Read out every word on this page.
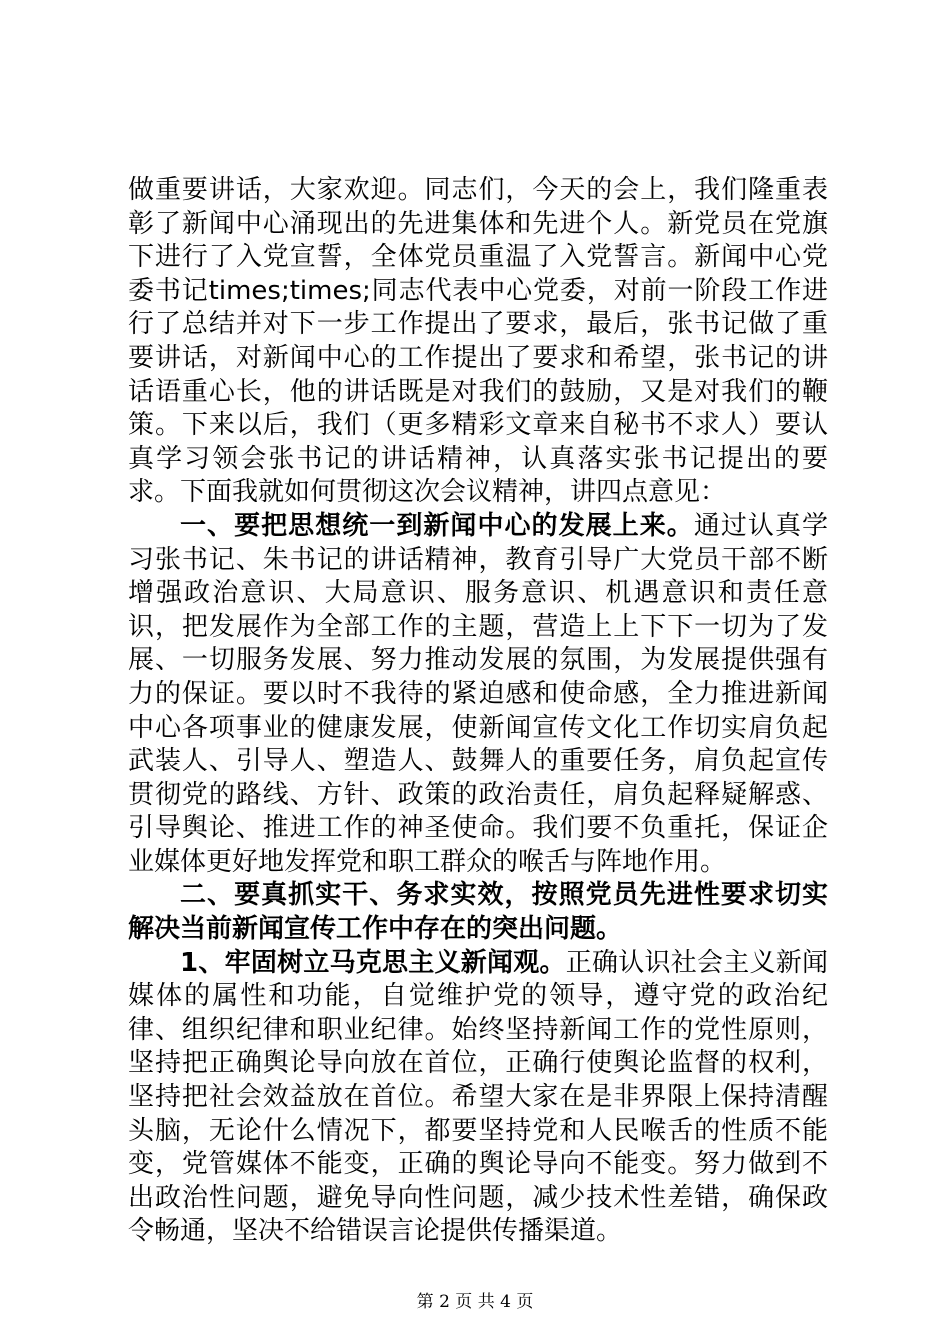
做重要讲话，大家欢迎。同志们，今天的会上，我们隆重表彰了新闻中心涌现出的先进集体和先进个人。新党员在党旗下进行了入党宣誓，全体党员重温了入党誓言。新闻中心党委书记times;times;同志代表中心党委，对前一阶段工作进行了总结并对下一步工作提出了要求，最后，张书记做了重要讲话，对新闻中心的工作提出了要求和希望，张书记的讲话语重心长，他的讲话既是对我们的鼓励，又是对我们的鞭策。下来以后，我们（更多精彩文章来自秘书不求人）要认真学习领会张书记的讲话精神，认真落实张书记提出的要求。下面我就如何贯彻这次会议精神，讲四点意见：

一、要把思想统一到新闻中心的发展上来。通过认真学习张书记、朱书记的讲话精神，教育引导广大党员干部不断增强政治意识、大局意识、服务意识、机遇意识和责任意识，把发展作为全部工作的主题，营造上上下下一切为了发展、一切服务发展、努力推动发展的氛围，为发展提供强有力的保证。要以时不我待的紧迫感和使命感，全力推进新闻中心各项事业的健康发展，使新闻宣传文化工作切实肩负起武装人、引导人、塑造人、鼓舞人的重要任务，肩负起宣传贯彻党的路线、方针、政策的政治责任，肩负起释疑解惑、引导舆论、推进工作的神圣使命。我们要不负重托，保证企业媒体更好地发挥党和职工群众的喉舌与阵地作用。

二、要真抓实干、务求实效，按照党员先进性要求切实解决当前新闻宣传工作中存在的突出问题。

1、牢固树立马克思主义新闻观。正确认识社会主义新闻媒体的属性和功能，自觉维护党的领导，遵守党的政治纪律、组织纪律和职业纪律。始终坚持新闻工作的党性原则，坚持把正确舆论导向放在首位，正确行使舆论监督的权利，坚持把社会效益放在首位。希望大家在是非界限上保持清醒头脑，无论什么情况下，都要坚持党和人民喉舌的性质不能变，党管媒体不能变，正确的舆论导向不能变。努力做到不出政治性问题，避免导向性问题，减少技术性差错，确保政令畅通，坚决不给错误言论提供传播渠道。

第 2 页 共 4 页
